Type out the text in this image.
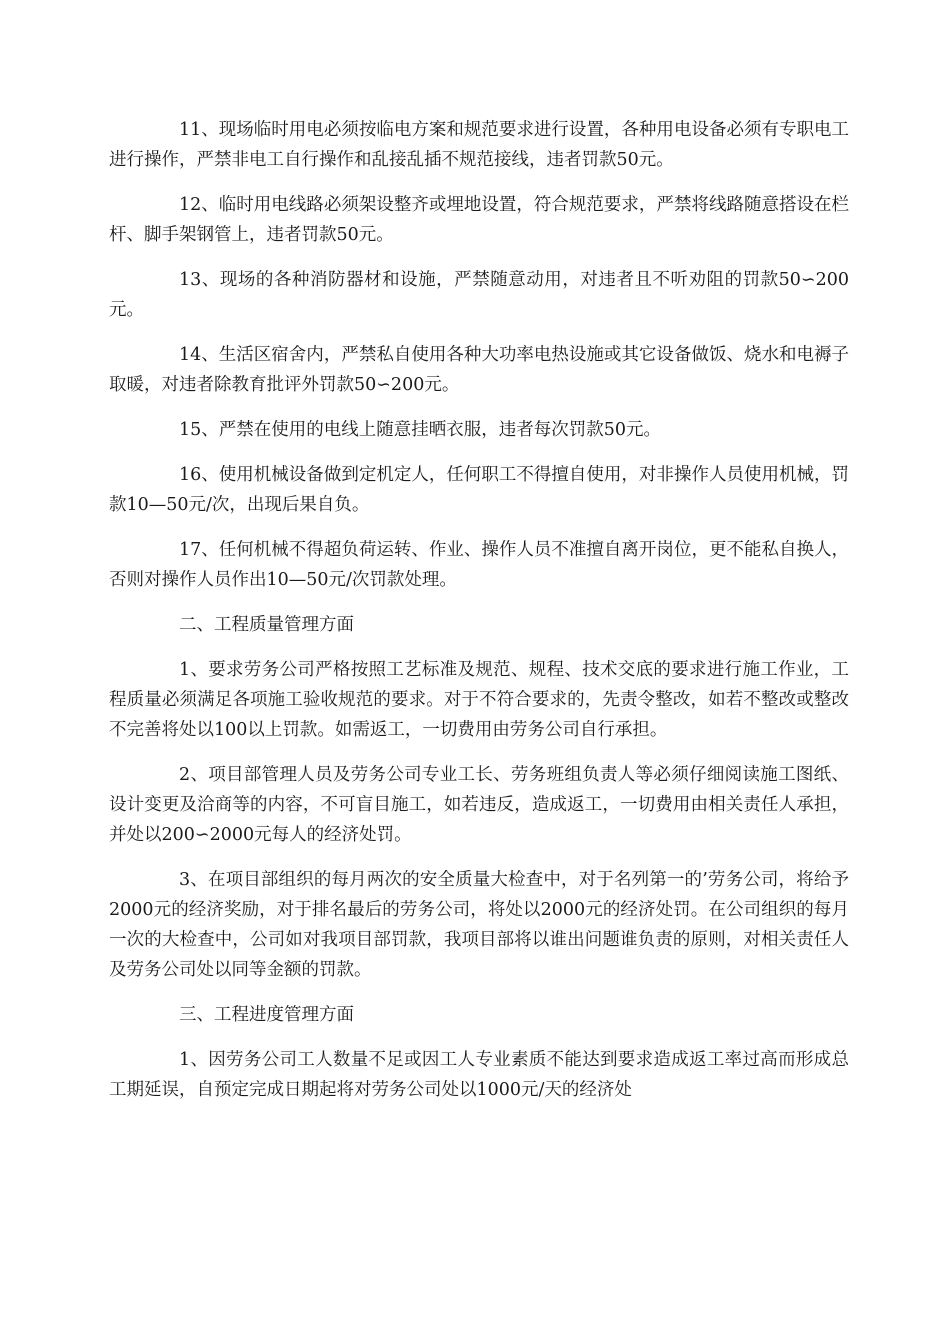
11、现场临时用电必须按临电方案和规范要求进行设置，各种用电设备必须有专职电工进行操作，严禁非电工自行操作和乱接乱插不规范接线，违者罚款50元。

12、临时用电线路必须架设整齐或埋地设置，符合规范要求，严禁将线路随意搭设在栏杆、脚手架钢管上，违者罚款50元。

13、现场的各种消防器材和设施，严禁随意动用，对违者且不听劝阻的罚款50∽200元。

14、生活区宿舍内，严禁私自使用各种大功率电热设施或其它设备做饭、烧水和电褥子取暖，对违者除教育批评外罚款50∽200元。

15、严禁在使用的电线上随意挂晒衣服，违者每次罚款50元。

16、使用机械设备做到定机定人，任何职工不得擅自使用，对非操作人员使用机械，罚款10—50元/次，出现后果自负。

17、任何机械不得超负荷运转、作业、操作人员不准擅自离开岗位，更不能私自换人，否则对操作人员作出10—50元/次罚款处理。

二、工程质量管理方面

1、要求劳务公司严格按照工艺标准及规范、规程、技术交底的要求进行施工作业，工程质量必须满足各项施工验收规范的要求。对于不符合要求的，先责令整改，如若不整改或整改不完善将处以100以上罚款。如需返工，一切费用由劳务公司自行承担。

2、项目部管理人员及劳务公司专业工长、劳务班组负责人等必须仔细阅读施工图纸、设计变更及洽商等的内容，不可盲目施工，如若违反，造成返工，一切费用由相关责任人承担，并处以200∽2000元每人的经济处罚。

3、在项目部组织的每月两次的安全质量大检查中，对于名列第一的’劳务公司，将给予2000元的经济奖励，对于排名最后的劳务公司，将处以2000元的经济处罚。在公司组织的每月一次的大检查中，公司如对我项目部罚款，我项目部将以谁出问题谁负责的原则，对相关责任人及劳务公司处以同等金额的罚款。

三、工程进度管理方面

1、因劳务公司工人数量不足或因工人专业素质不能达到要求造成返工率过高而形成总工期延误，自预定完成日期起将对劳务公司处以1000元/天的经济处
